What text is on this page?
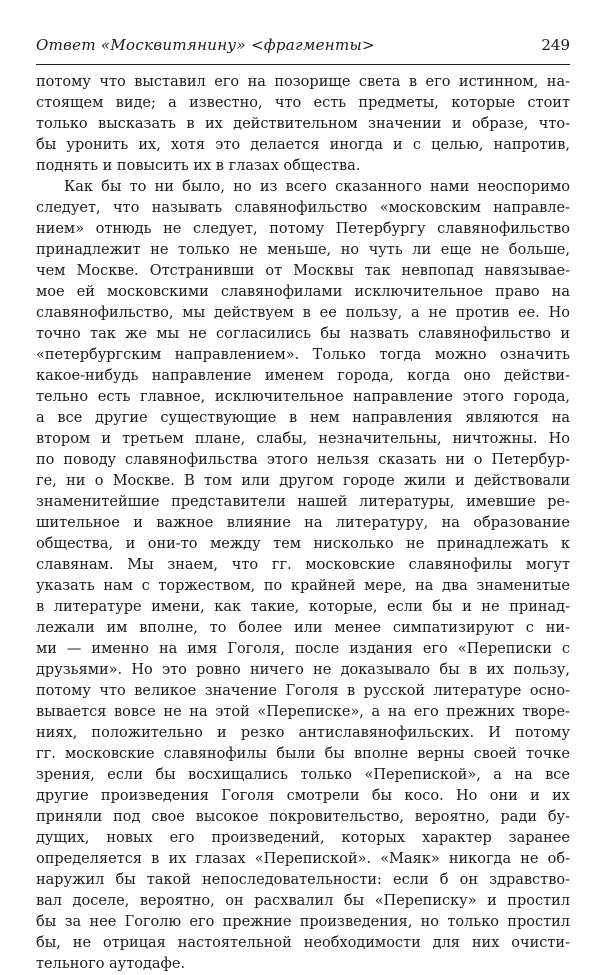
Ответ «Москвитянину» <фрагменты>	249
потому что выставил его на позорище света в его истинном, на-
стоящем виде; а известно, что есть предметы, которые стоит
только высказать в их действительном значении и образе, что-
бы уронить их, хотя это делается иногда и с целью, напротив,
поднять и повысить их в глазах общества.
Как бы то ни было, но из всего сказанного нами неоспоримо
следует, что называть славянофильство «московским направле-
нием» отнюдь не следует, потому Петербургу славянофильство
принадлежит не только не меньше, но чуть ли еще не больше,
чем Москве. Отстранивши от Москвы так невпопад навязывае-
мое ей московскими славянофилами исключительное право на
славянофильство, мы действуем в ее пользу, а не против ее. Но
точно так же мы не согласились бы назвать славянофильство и
«петербургским направлением». Только тогда можно означить
какое-нибудь направление именем города, когда оно действи-
тельно есть главное, исключительное направление этого города,
а все другие существующие в нем направления являются на
втором и третьем плане, слабы, незначительны, ничтожны. Но
по поводу славянофильства этого нельзя сказать ни о Петербур-
ге, ни о Москве. В том или другом городе жили и действовали
знаменитейшие представители нашей литературы, имевшие ре-
шительное и важное влияние на литературу, на образование
общества, и они-то между тем нисколько не принадлежать к
славянам. Мы знаем, что гг. московские славянофилы могут
указать нам с торжеством, по крайней мере, на два знаменитые
в литературе имени, как такие, которые, если бы и не принад-
лежали им вполне, то более или менее симпатизируют с ни-
ми — именно на имя Гоголя, после издания его «Переписки с
друзьями». Но это ровно ничего не доказывало бы в их пользу,
потому что великое значение Гоголя в русской литературе осно-
вывается вовсе не на этой «Переписке», а на его прежних творе-
ниях, положительно и резко антиславянофильских. И потому
гг. московские славянофилы были бы вполне верны своей точке
зрения, если бы восхищались только «Перепиской», а на все
другие произведения Гоголя смотрели бы косо. Но они и их
приняли под свое высокое покровительство, вероятно, ради бу-
дущих, новых его произведений, которых характер заранее
определяется в их глазах «Перепиской». «Маяк» никогда не об-
наружил бы такой непоследовательности: если б он здравство-
вал доселе, вероятно, он расхвалил бы «Переписку» и простил
бы за нее Гоголю его прежние произведения, но только простил
бы, не отрицая настоятельной необходимости для них очисти-
тельного аутодафе.
